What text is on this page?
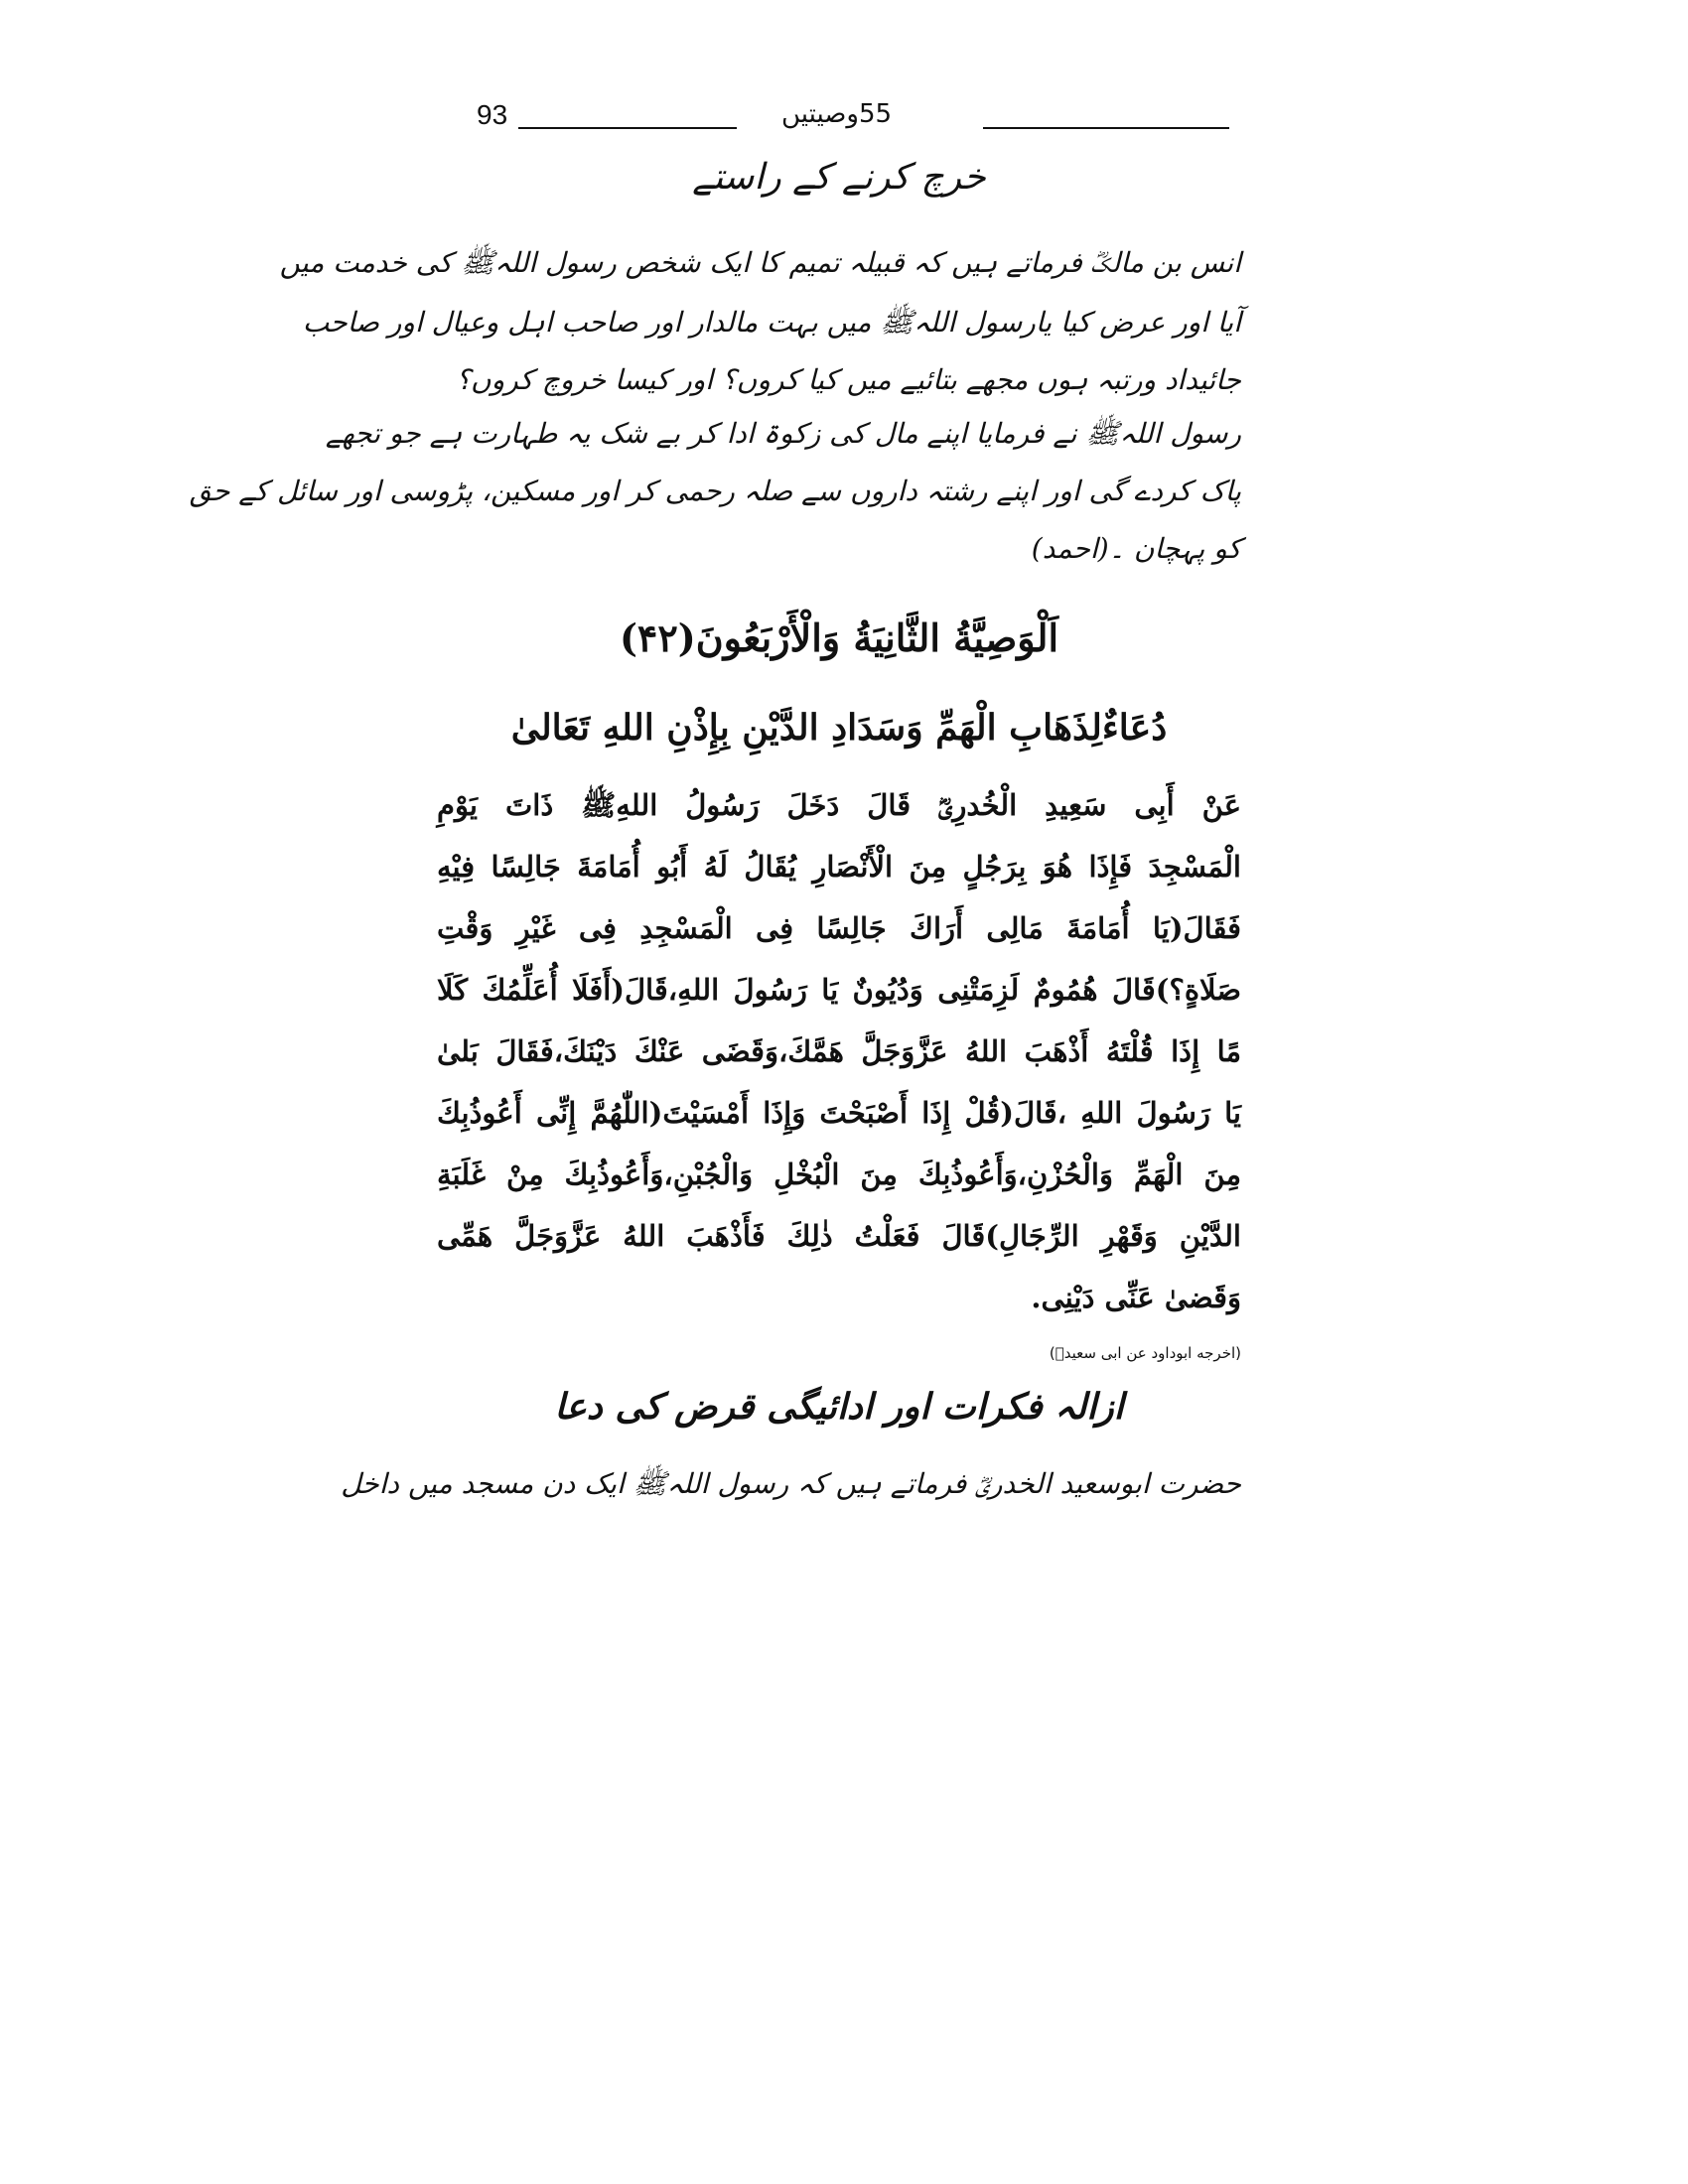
93	55وصیتیں
خرچ کرنے کے راستے
انس بن مالکؓ فرماتے ہیں کہ قبیلہ تمیم کا ایک شخص رسول اللہﷺ کی خدمت میں
آیا اور عرض کیا یارسول اللہﷺ میں بہت مالدار اور صاحب اہل وعیال اور صاحب
جائیداد ورتبہ ہوں مجھے بتائیے میں کیا کروں؟ اور کیسا خروچ کروں؟
رسول اللہﷺ نے فرمایا اپنے مال کی زکوۃ ادا کر بے شک یہ طہارت ہے جو تجھے
پاک کردے گی اور اپنے رشتہ داروں سے صلہ رحمی کر اور مسکین، پڑوسی اور سائل کے حق
کو پہچان ۔(احمد)
اَلْوَصِيَّةُ الثَّانِيَةُ وَالْأَرْبَعُونَ(۴۲)
دُعَاءٌلِذَهَابِ الْهَمِّ وَسَدَادِ الدَّيْنِ بِإِذْنِ اللهِ تَعَالىٰ
عَنْ أَبِى سَعِيدِ الْخُدرِىؓ قَالَ دَخَلَ رَسُولُ اللهِﷺ ذَاتَ يَوْمِ
الْمَسْجِدَ فَإِذَا هُوَ بِرَجُلٍ مِنَ الْأَنْصَارِ يُقَالُ لَهُ أَبُو أُمَامَةَ جَالِسًا فِيْهِ
فَقَالَ(يَا أُمَامَةَ مَالِى أَرَاكَ جَالِسًا فِى الْمَسْجِدِ فِى غَيْرِ وَقْتِ
صَلَاةٍ؟)قَالَ هُمُومٌ لَزِمَتْنِى وَدُيُونٌ يَا رَسُولَ اللهِ،قَالَ(أَفَلَا أُعَلِّمُكَ كَلَا
مًا إِذَا قُلْتَهُ أَذْهَبَ اللهُ عَزَّوَجَلَّ هَمَّكَ،وَقَضَى عَنْكَ دَيْنَكَ،فَقَالَ بَلىٰ
يَا رَسُولَ اللهِ ،قَالَ(قُلْ إِذَا أَصْبَحْتَ وَإِذَا أَمْسَيْتَ(اللّٰهُمَّ إِنِّى أَعُوذُبِكَ
مِنَ الْهَمِّ وَالْحُزْنِ،وَأَعُوذُبِكَ مِنَ الْبُخْلِ وَالْجُبْنِ،وَأَعُوذُبِكَ مِنْ غَلَبَةِ
الدَّيْنِ وَقَهْرِ الرِّجَالِ)قَالَ فَعَلْتُ ذٰلِكَ فَأَذْهَبَ اللهُ عَزَّوَجَلَّ هَمِّى
وَقَضىٰ عَنِّى دَيْنِى.
(اخرجه ابوداود عن ابی سعیدؓ)
ازالہ فکرات اور ادائیگی قرض کی دعا
حضرت ابوسعید الخدریؓ فرماتے ہیں کہ رسول اللہﷺ ایک دن مسجد میں داخل
